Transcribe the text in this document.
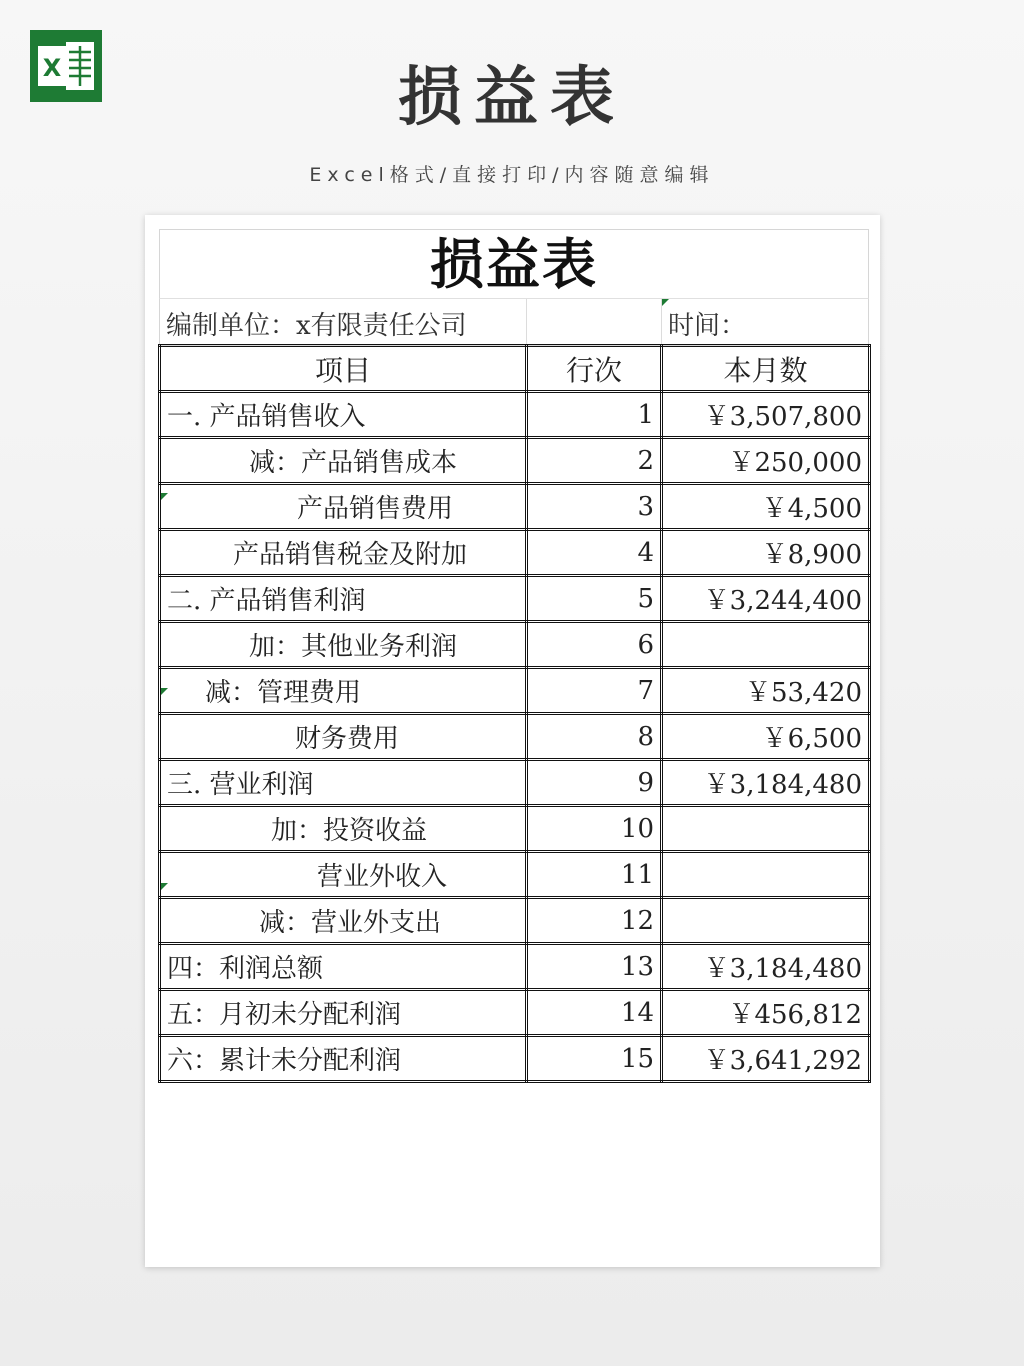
X	损益表
Excel格式/直接打印/内容随意编辑
损益表
编制单位：x有限责任公司	时间：
项目	行次	本月数
一. 产品销售收入	1	￥3,507,800
减：产品销售成本	2	￥250,000
产品销售费用	3	￥4,500
产品销售税金及附加	4	￥8,900
二. 产品销售利润	5	￥3,244,400
加：其他业务利润	6	
减：管理费用	7	￥53,420
财务费用	8	￥6,500
三. 营业利润	9	￥3,184,480
加：投资收益	10	
营业外收入	11	
减：营业外支出	12	
四：利润总额	13	￥3,184,480
五：月初未分配利润	14	￥456,812
六：累计未分配利润	15	￥3,641,292
